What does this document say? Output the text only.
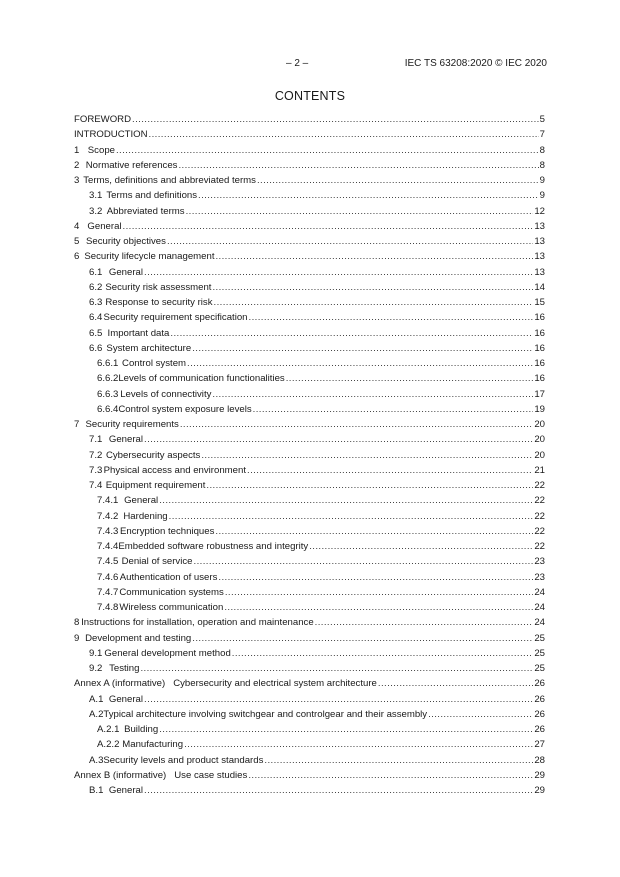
– 2 –	IEC TS 63208:2020 © IEC 2020
CONTENTS
FOREWORD .....	5
INTRODUCTION .....	7
1 Scope .....	8
2 Normative references .....	8
3 Terms, definitions and abbreviated terms .....	9
3.1 Terms and definitions .....	9
3.2 Abbreviated terms .....	12
4 General .....	13
5 Security objectives .....	13
6 Security lifecycle management .....	13
6.1 General .....	13
6.2 Security risk assessment .....	14
6.3 Response to security risk .....	15
6.4 Security requirement specification .....	16
6.5 Important data .....	16
6.6 System architecture .....	16
6.6.1 Control system .....	16
6.6.2 Levels of communication functionalities .....	16
6.6.3 Levels of connectivity .....	17
6.6.4 Control system exposure levels .....	19
7 Security requirements .....	20
7.1 General .....	20
7.2 Cybersecurity aspects .....	20
7.3 Physical access and environment .....	21
7.4 Equipment requirement .....	22
7.4.1 General .....	22
7.4.2 Hardening .....	22
7.4.3 Encryption techniques .....	22
7.4.4 Embedded software robustness and integrity .....	22
7.4.5 Denial of service .....	23
7.4.6 Authentication of users .....	23
7.4.7 Communication systems .....	24
7.4.8 Wireless communication .....	24
8 Instructions for installation, operation and maintenance .....	24
9 Development and testing .....	25
9.1 General development method .....	25
9.2 Testing .....	25
Annex A (informative) Cybersecurity and electrical system architecture .....	26
A.1 General .....	26
A.2 Typical architecture involving switchgear and controlgear and their assembly .....	26
A.2.1 Building .....	26
A.2.2 Manufacturing .....	27
A.3 Security levels and product standards .....	28
Annex B (informative) Use case studies .....	29
B.1 General .....	29
